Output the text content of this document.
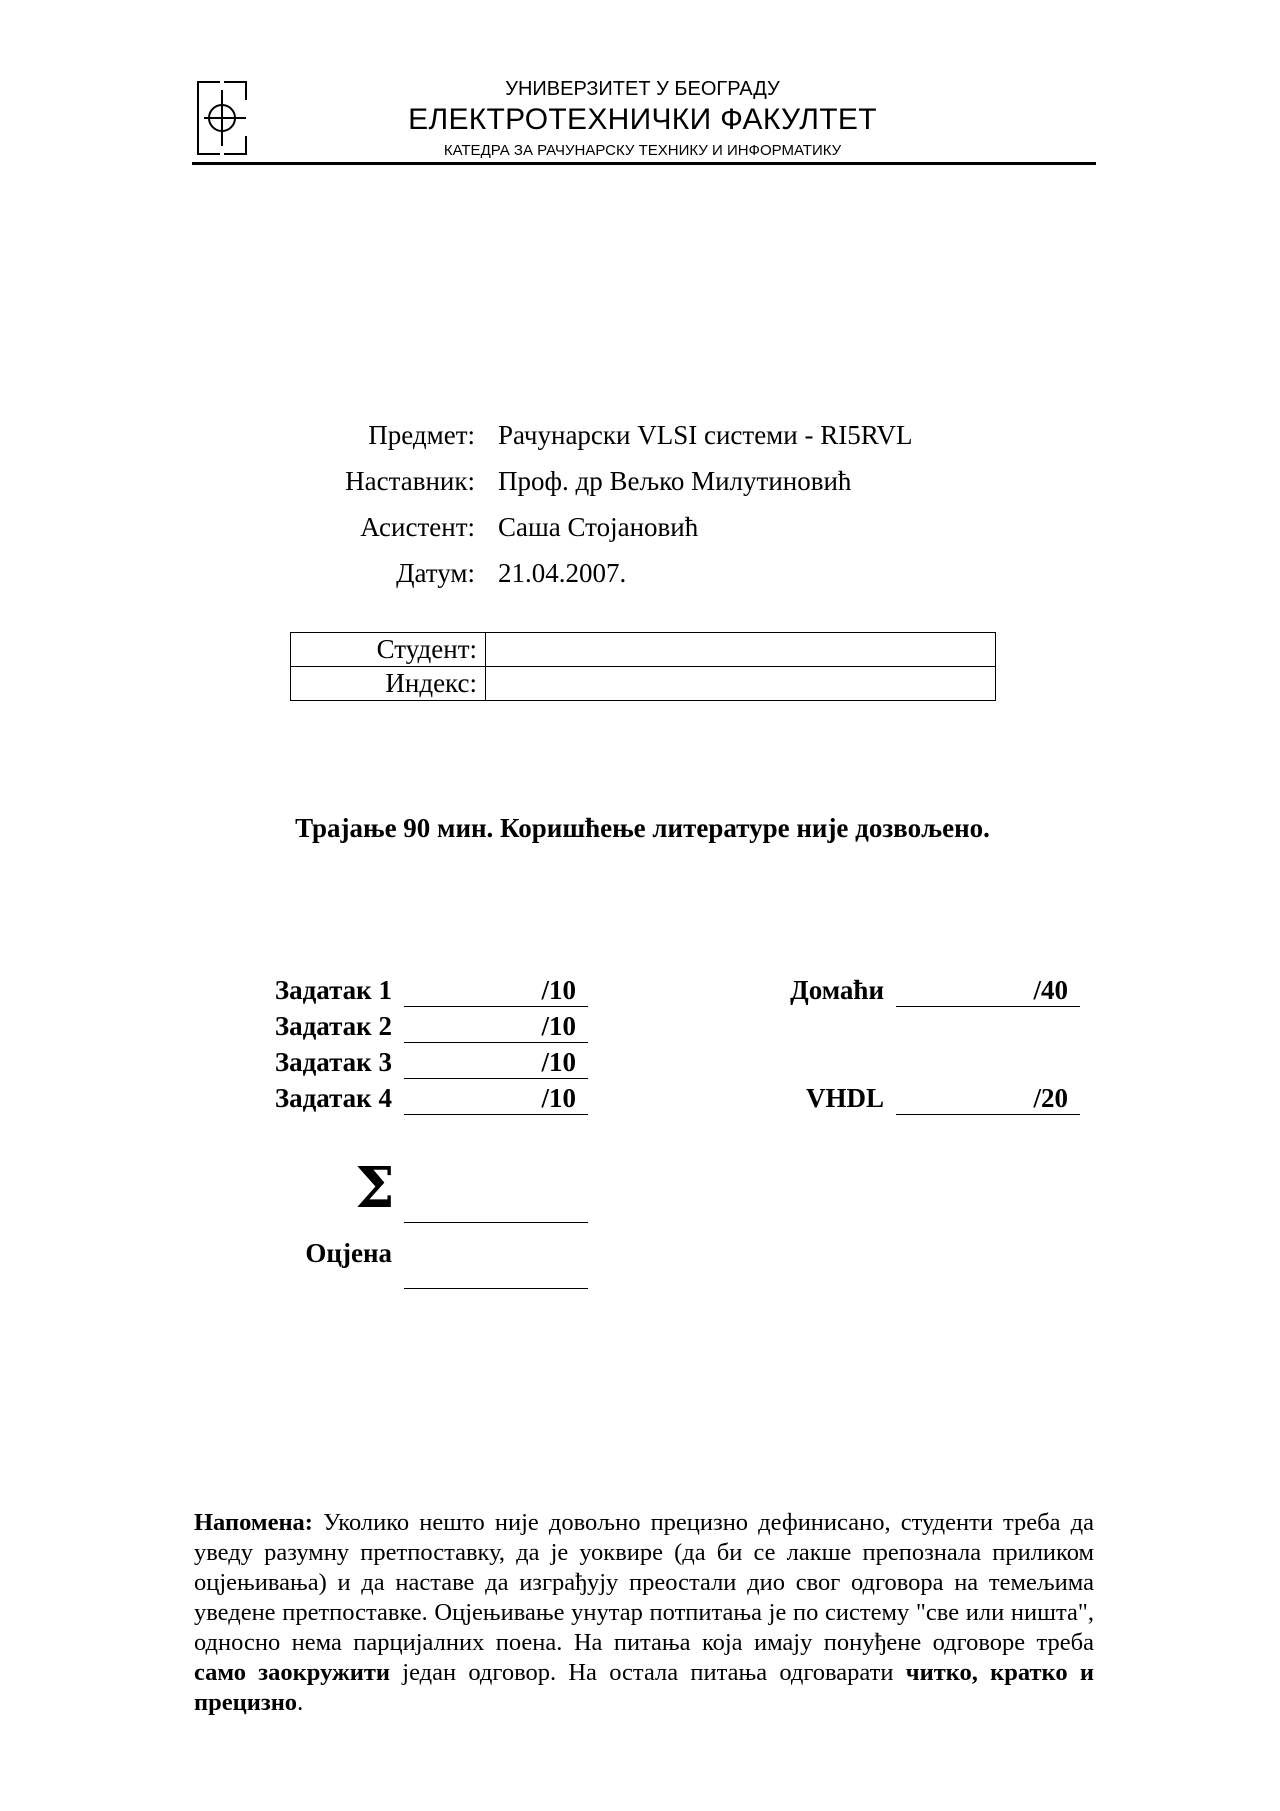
УНИВЕРЗИТЕТ У БЕОГРАДУ
ЕЛЕКТРОТЕХНИЧКИ ФАКУЛТЕТ
КАТЕДРА ЗА РАЧУНАРСКУ ТЕХНИКУ И ИНФОРМАТИКУ
Предмет: Рачунарски VLSI системи - RI5RVL
Наставник: Проф. др Вељко Милутиновић
Асистент: Саша Стојановић
Датум: 21.04.2007.
Студент:	
Индекс:	
Трајање 90 мин. Коришћење литературе није дозвољено.
Задатак 1	/10
Задатак 2	/10
Задатак 3	/10
Задатак 4	/10
Домаћи	/40
VHDL	/20
Σ
Оцјена
Напомена: Уколико нешто није довољно прецизно дефинисано, студенти треба да уведу разумну претпоставку, да је уоквире (да би се лакше препознала приликом оцјењивања) и да наставе да изграђују преостали дио свог одговора на темељима уведене претпоставке. Оцјењивање унутар потпитања је по систему "све или ништа", односно нема парцијалних поена. На питања која имају понуђене одговоре треба само заокружити један одговор. На остала питања одговарати читко, кратко и прецизно.
